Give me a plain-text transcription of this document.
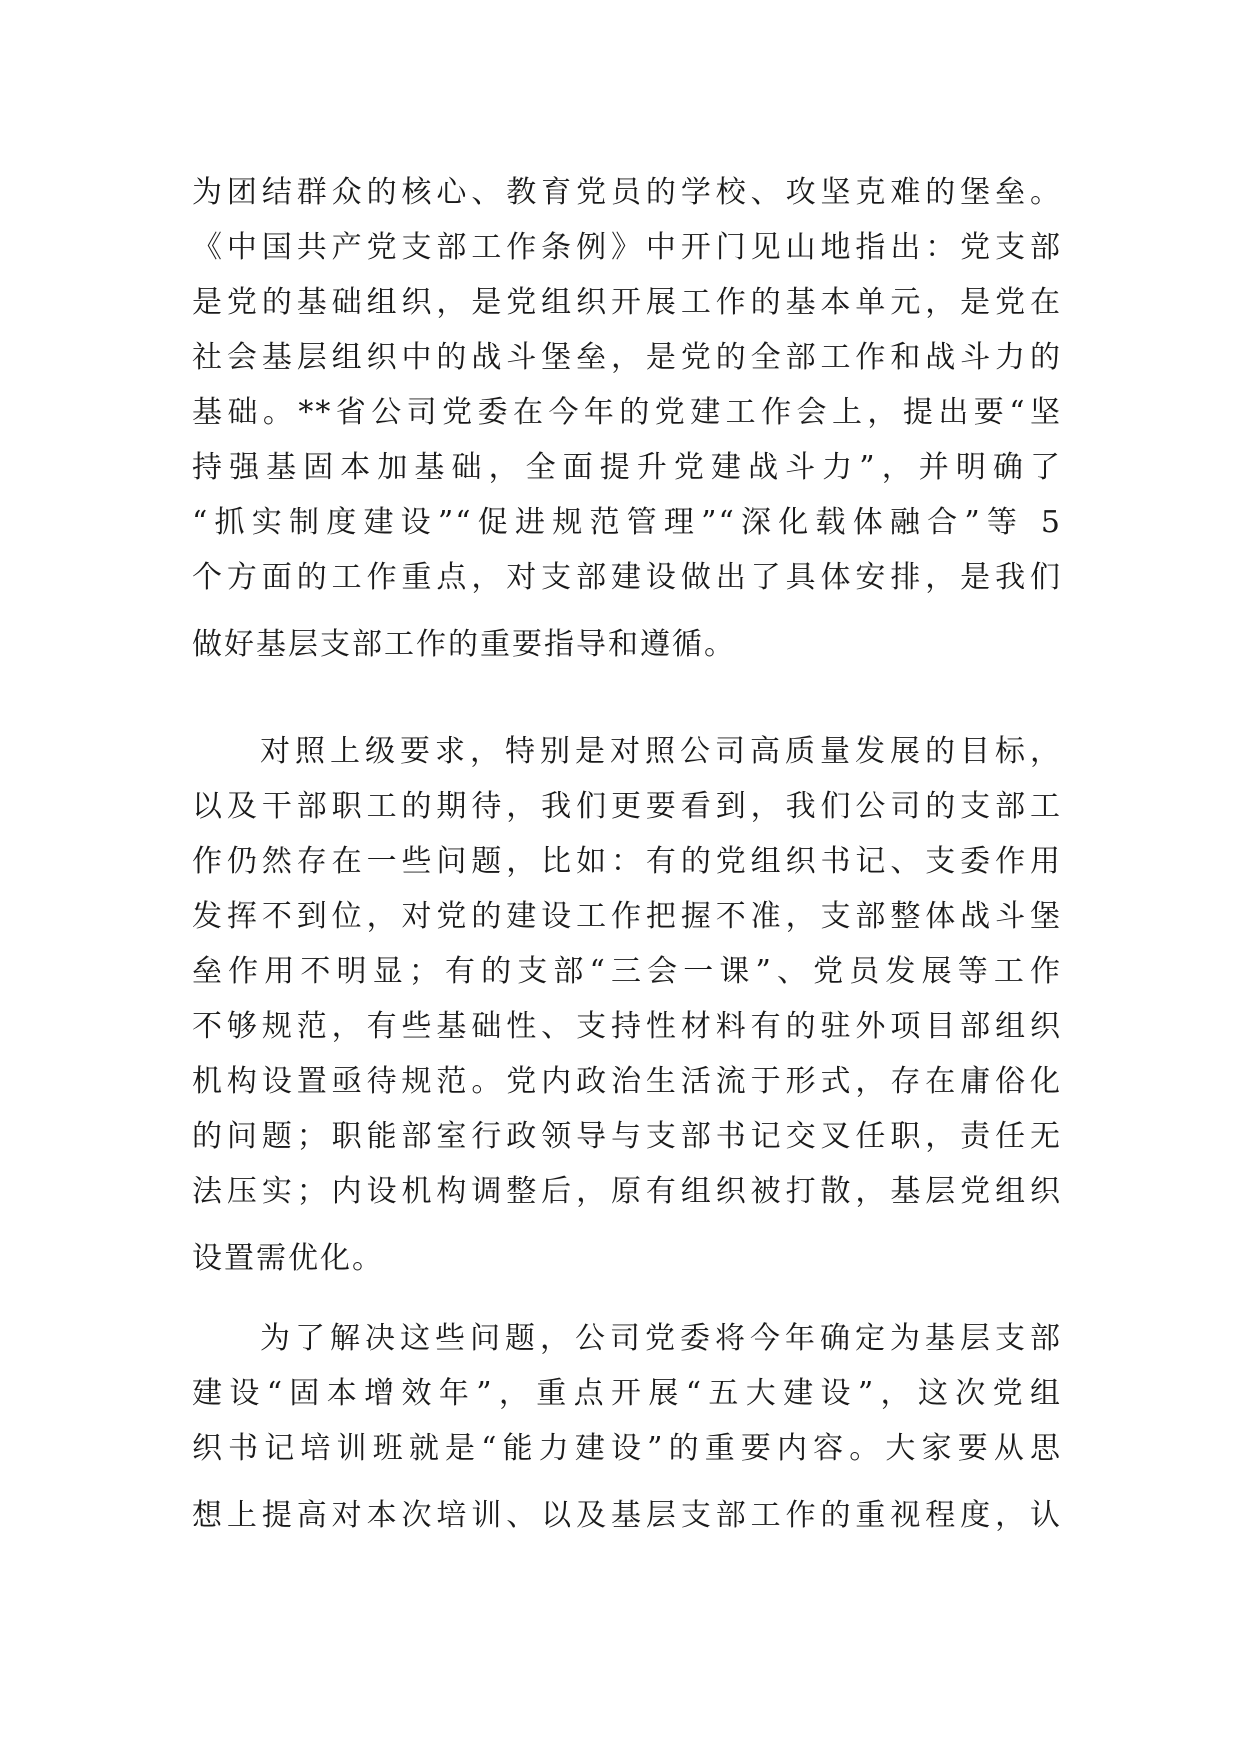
为团结群众的核心、教育党员的学校、攻坚克难的堡垒。
《中国共产党支部工作条例》中开门见山地指出：党支部
是党的基础组织，是党组织开展工作的基本单元，是党在
社会基层组织中的战斗堡垒，是党的全部工作和战斗力的
基础。**省公司党委在今年的党建工作会上，提出要“坚
持强基固本加基础，全面提升党建战斗力”，并明确了
“抓实制度建设”“促进规范管理”“深化载体融合”等 5
个方面的工作重点，对支部建设做出了具体安排，是我们
做好基层支部工作的重要指导和遵循。
对照上级要求，特别是对照公司高质量发展的目标，
以及干部职工的期待，我们更要看到，我们公司的支部工
作仍然存在一些问题，比如：有的党组织书记、支委作用
发挥不到位，对党的建设工作把握不准，支部整体战斗堡
垒作用不明显；有的支部“三会一课”、党员发展等工作
不够规范，有些基础性、支持性材料有的驻外项目部组织
机构设置亟待规范。党内政治生活流于形式，存在庸俗化
的问题；职能部室行政领导与支部书记交叉任职，责任无
法压实；内设机构调整后，原有组织被打散，基层党组织
设置需优化。
为了解决这些问题，公司党委将今年确定为基层支部
建设“固本增效年”，重点开展“五大建设”，这次党组
织书记培训班就是“能力建设”的重要内容。大家要从思
想上提高对本次培训、以及基层支部工作的重视程度，认
